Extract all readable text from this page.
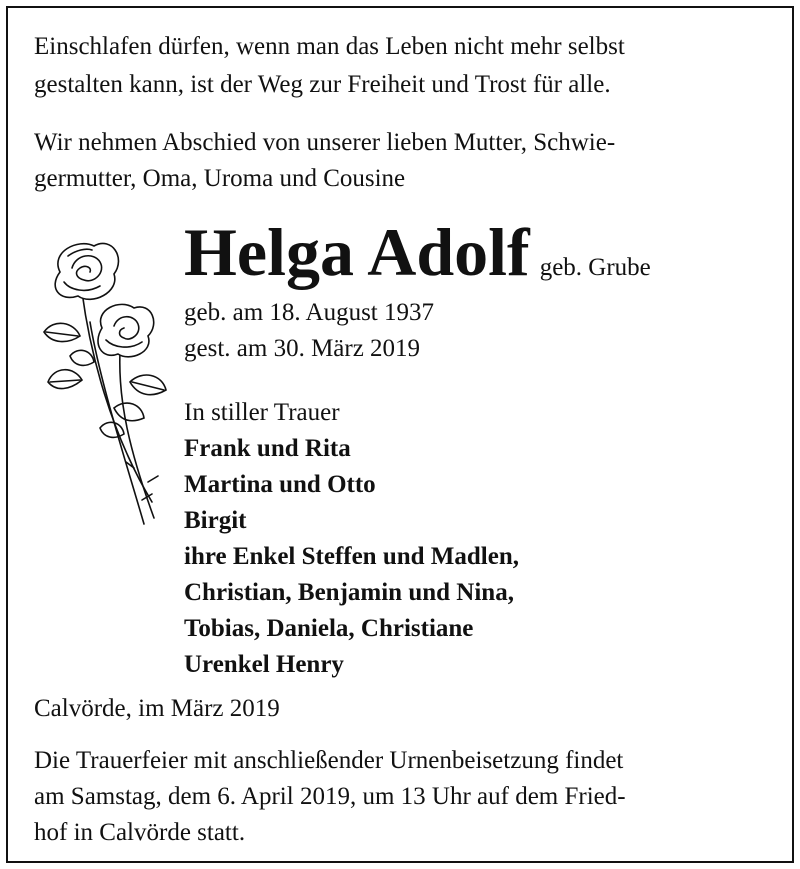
Einschlafen dürfen, wenn man das Leben nicht mehr selbst
gestalten kann, ist der Weg zur Freiheit und Trost für alle.
Wir nehmen Abschied von unserer lieben Mutter, Schwie-
germutter, Oma, Uroma und Cousine
Helga Adolf geb. Grube
geb. am 18. August 1937
gest. am 30. März 2019
In stiller Trauer
Frank und Rita
Martina und Otto
Birgit
ihre Enkel Steffen und Madlen,
Christian, Benjamin und Nina,
Tobias, Daniela, Christiane
Urenkel Henry
Calvörde, im März 2019
Die Trauerfeier mit anschließender Urnenbeisetzung findet
am Samstag, dem 6. April 2019, um 13 Uhr auf dem Fried-
hof in Calvörde statt.
